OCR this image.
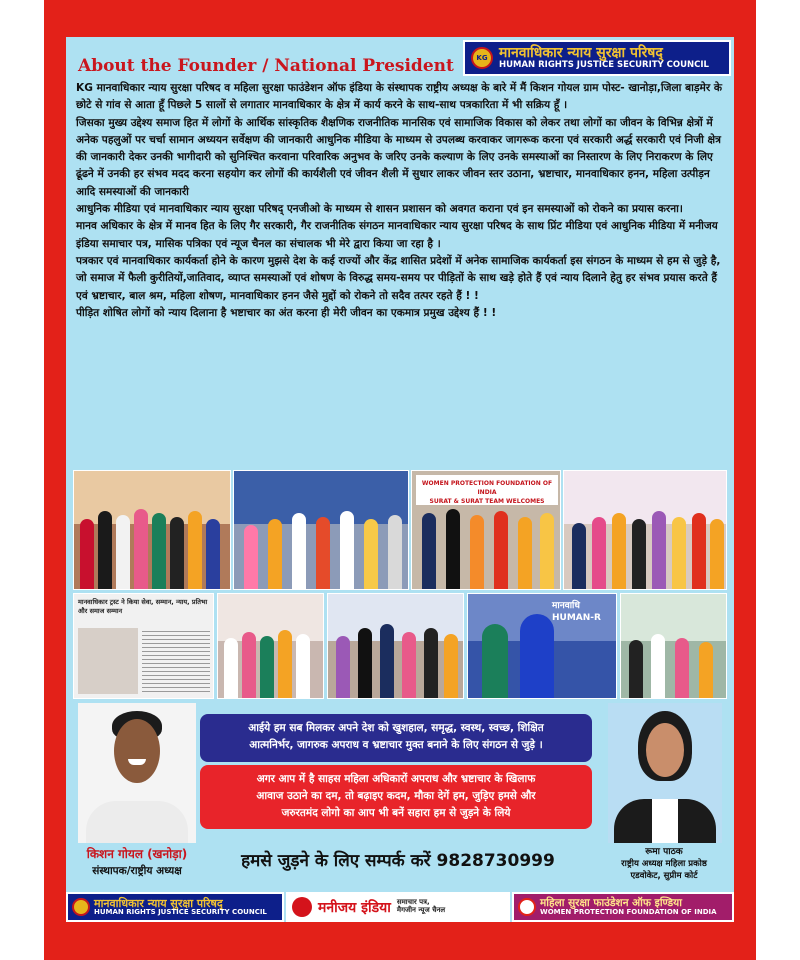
KG मानवाधिकार न्याय सुरक्षा परिषद्
HUMAN RIGHTS JUSTICE SECURITY COUNCIL
About the Founder / National President

KG मानवाधिकार न्याय सुरक्षा परिषद व महिला सुरक्षा फाउंडेशन ऑफ इंडिया के संस्थापक राष्ट्रीय अध्यक्ष के बारे में मैं किशन गोयल ग्राम पोस्ट- खानोड़ा,जिला बाड़मेर के छोटे से गांव से आता हूँ पिछले 5 सालों से लगातार मानवाधिकार के क्षेत्र में कार्य करने के साथ-साथ पत्रकारिता में भी सक्रिय हूँ ।

जिसका मुख्य उद्देश्य समाज हित में लोगों के आर्थिक सांस्कृतिक शैक्षणिक राजनीतिक मानसिक एवं सामाजिक विकास को लेकर तथा लोगों का जीवन के विभिन्न क्षेत्रों में अनेक पहलुओं पर चर्चा सामान अध्ययन सर्वेक्षण की जानकारी आधुनिक मीडिया के माध्यम से उपलब्ध करवाकर जागरूक करना एवं सरकारी अर्द्ध सरकारी एवं निजी क्षेत्र की जानकारी देकर उनकी भागीदारी को सुनिश्चित करवाना परिवारिक अनुभव के जरिए उनके कल्याण के लिए उनके समस्याओं का निस्तारण के लिए निराकरण के लिए ढूंढने में उनकी हर संभव मदद करना सहयोग कर लोगों की कार्यशैली एवं जीवन शैली में सुधार लाकर जीवन स्तर उठाना, भ्रष्टाचार, मानवाधिकार हनन, महिला उत्पीड़न आदि समस्याओं की जानकारी

आधुनिक मीडिया एवं मानवाधिकार न्याय सुरक्षा परिषद् एनजीओ के माध्यम से शासन प्रशासन को अवगत कराना एवं इन समस्याओं को रोकने का प्रयास करना।

मानव अधिकार के क्षेत्र में मानव हित के लिए गैर सरकारी, गैर राजनीतिक संगठन मानवाधिकार न्याय सुरक्षा परिषद के साथ प्रिंट मीडिया एवं आधुनिक मीडिया में मनीजय इंडिया समाचार पत्र, मासिक पत्रिका एवं न्यूज चैनल का संचालक भी मेरे द्वारा किया जा रहा है ।

पत्रकार एवं मानवाधिकार कार्यकर्ता होने के कारण मुझसे देश के कई राज्यों और केंद्र शासित प्रदेशों में अनेक सामाजिक कार्यकर्ता इस संगठन के माध्यम से हम से जुड़े है, जो समाज में फैली कुरीतियों,जातिवाद, व्याप्त समस्याओं एवं शोषण के विरुद्ध समय-समय पर पीड़ितों के साथ खड़े होते हैं एवं न्याय दिलाने हेतु हर संभव प्रयास करते हैं एवं भ्रष्टाचार, बाल श्रम, महिला शोषण, मानवाधिकार हनन जैसे मुद्दों को रोकने तो सदैव तत्पर रहते हैं ! !

पीड़ित शोषित लोगों को न्याय दिलाना है भष्टाचार का अंत करना ही मेरी जीवन का एकमात्र प्रमुख उद्देश्य हैं ! !

WOMEN PROTECTION FOUNDATION OF INDIA
SURAT & SURAT TEAM WELCOMES
मानवाधिकार ट्रस्ट ने किया सेवा, सम्मान, न्याय, प्रतिभा और समाज सम्मान	मानवाधि HUMAN-R
आईये हम सब मिलकर अपने देश को खुशहाल, समृद्ध, स्वस्थ, स्वच्छ, शिक्षित
आत्मनिर्भर, जागरुक अपराध व भ्रष्टाचार मुक्त बनाने के लिए संगठन से जुड़े ।
अगर आप में है साहस महिला अधिकारों अपराध और भ्रष्टाचार के खिलाफ
आवाज उठाने का दम, तो बढ़ाइए कदम, मौका देगें हम, जुड़िए हमसे और
जरुरतमंद लोगो का आप भी बनें सहारा हम से जुड़ने के लिये
किशन गोयल (खनोड़ा)
संस्थापक/राष्ट्रीय अध्यक्ष	हमसे जुड़ने के लिए सम्पर्क करें 9828730999	रूमा पाठक
राष्ट्रीय अध्यक्ष महिला प्रकोष्ठ
एडवोकेट, सुप्रीम कोर्ट
मानवाधिकार न्याय सुरक्षा परिषद्
HUMAN RIGHTS JUSTICE SECURITY COUNCIL	मनीजय इंडिया समाचार पत्र, मैगजीन न्यूज चैनल
महिला सुरक्षा फाउंडेशन ऑफ इण्डिया
WOMEN PROTECTION FOUNDATION OF INDIA
